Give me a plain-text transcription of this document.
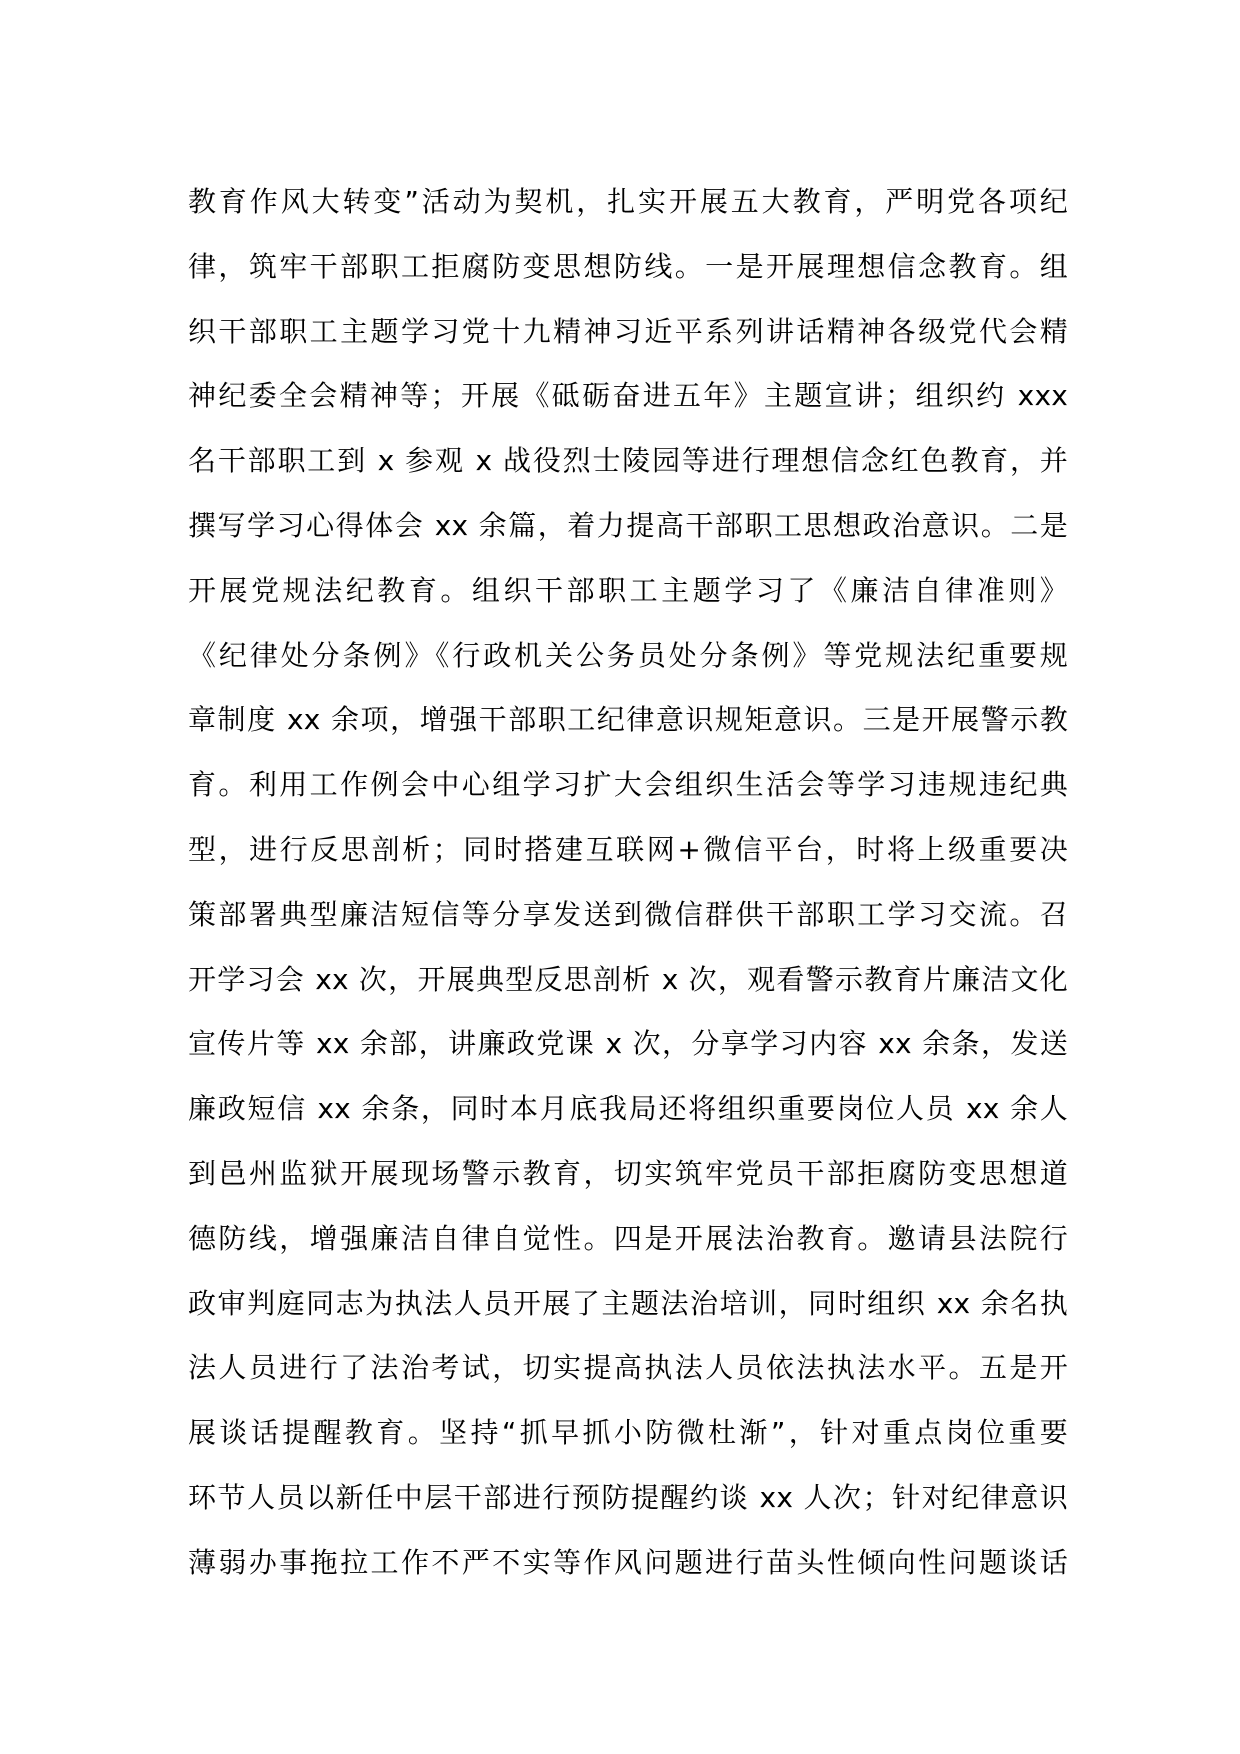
教育作风大转变”活动为契机，扎实开展五大教育，严明党各项纪
律，筑牢干部职工拒腐防变思想防线。一是开展理想信念教育。组
织干部职工主题学习党十九精神习近平系列讲话精神各级党代会精
神纪委全会精神等；开展《砥砺奋进五年》主题宣讲；组织约 xxx
名干部职工到 x 参观 x 战役烈士陵园等进行理想信念红色教育，并
撰写学习心得体会 xx 余篇，着力提高干部职工思想政治意识。二是
开展党规法纪教育。组织干部职工主题学习了《廉洁自律准则》
《纪律处分条例》《行政机关公务员处分条例》等党规法纪重要规
章制度 xx 余项，增强干部职工纪律意识规矩意识。三是开展警示教
育。利用工作例会中心组学习扩大会组织生活会等学习违规违纪典
型，进行反思剖析；同时搭建互联网+微信平台，时将上级重要决
策部署典型廉洁短信等分享发送到微信群供干部职工学习交流。召
开学习会 xx 次，开展典型反思剖析 x 次，观看警示教育片廉洁文化
宣传片等 xx 余部，讲廉政党课 x 次，分享学习内容 xx 余条，发送
廉政短信 xx 余条，同时本月底我局还将组织重要岗位人员 xx 余人
到邑州监狱开展现场警示教育，切实筑牢党员干部拒腐防变思想道
德防线，增强廉洁自律自觉性。四是开展法治教育。邀请县法院行
政审判庭同志为执法人员开展了主题法治培训，同时组织 xx 余名执
法人员进行了法治考试，切实提高执法人员依法执法水平。五是开
展谈话提醒教育。坚持“抓早抓小防微杜渐”，针对重点岗位重要
环节人员以新任中层干部进行预防提醒约谈 xx 人次；针对纪律意识
薄弱办事拖拉工作不严不实等作风问题进行苗头性倾向性问题谈话
